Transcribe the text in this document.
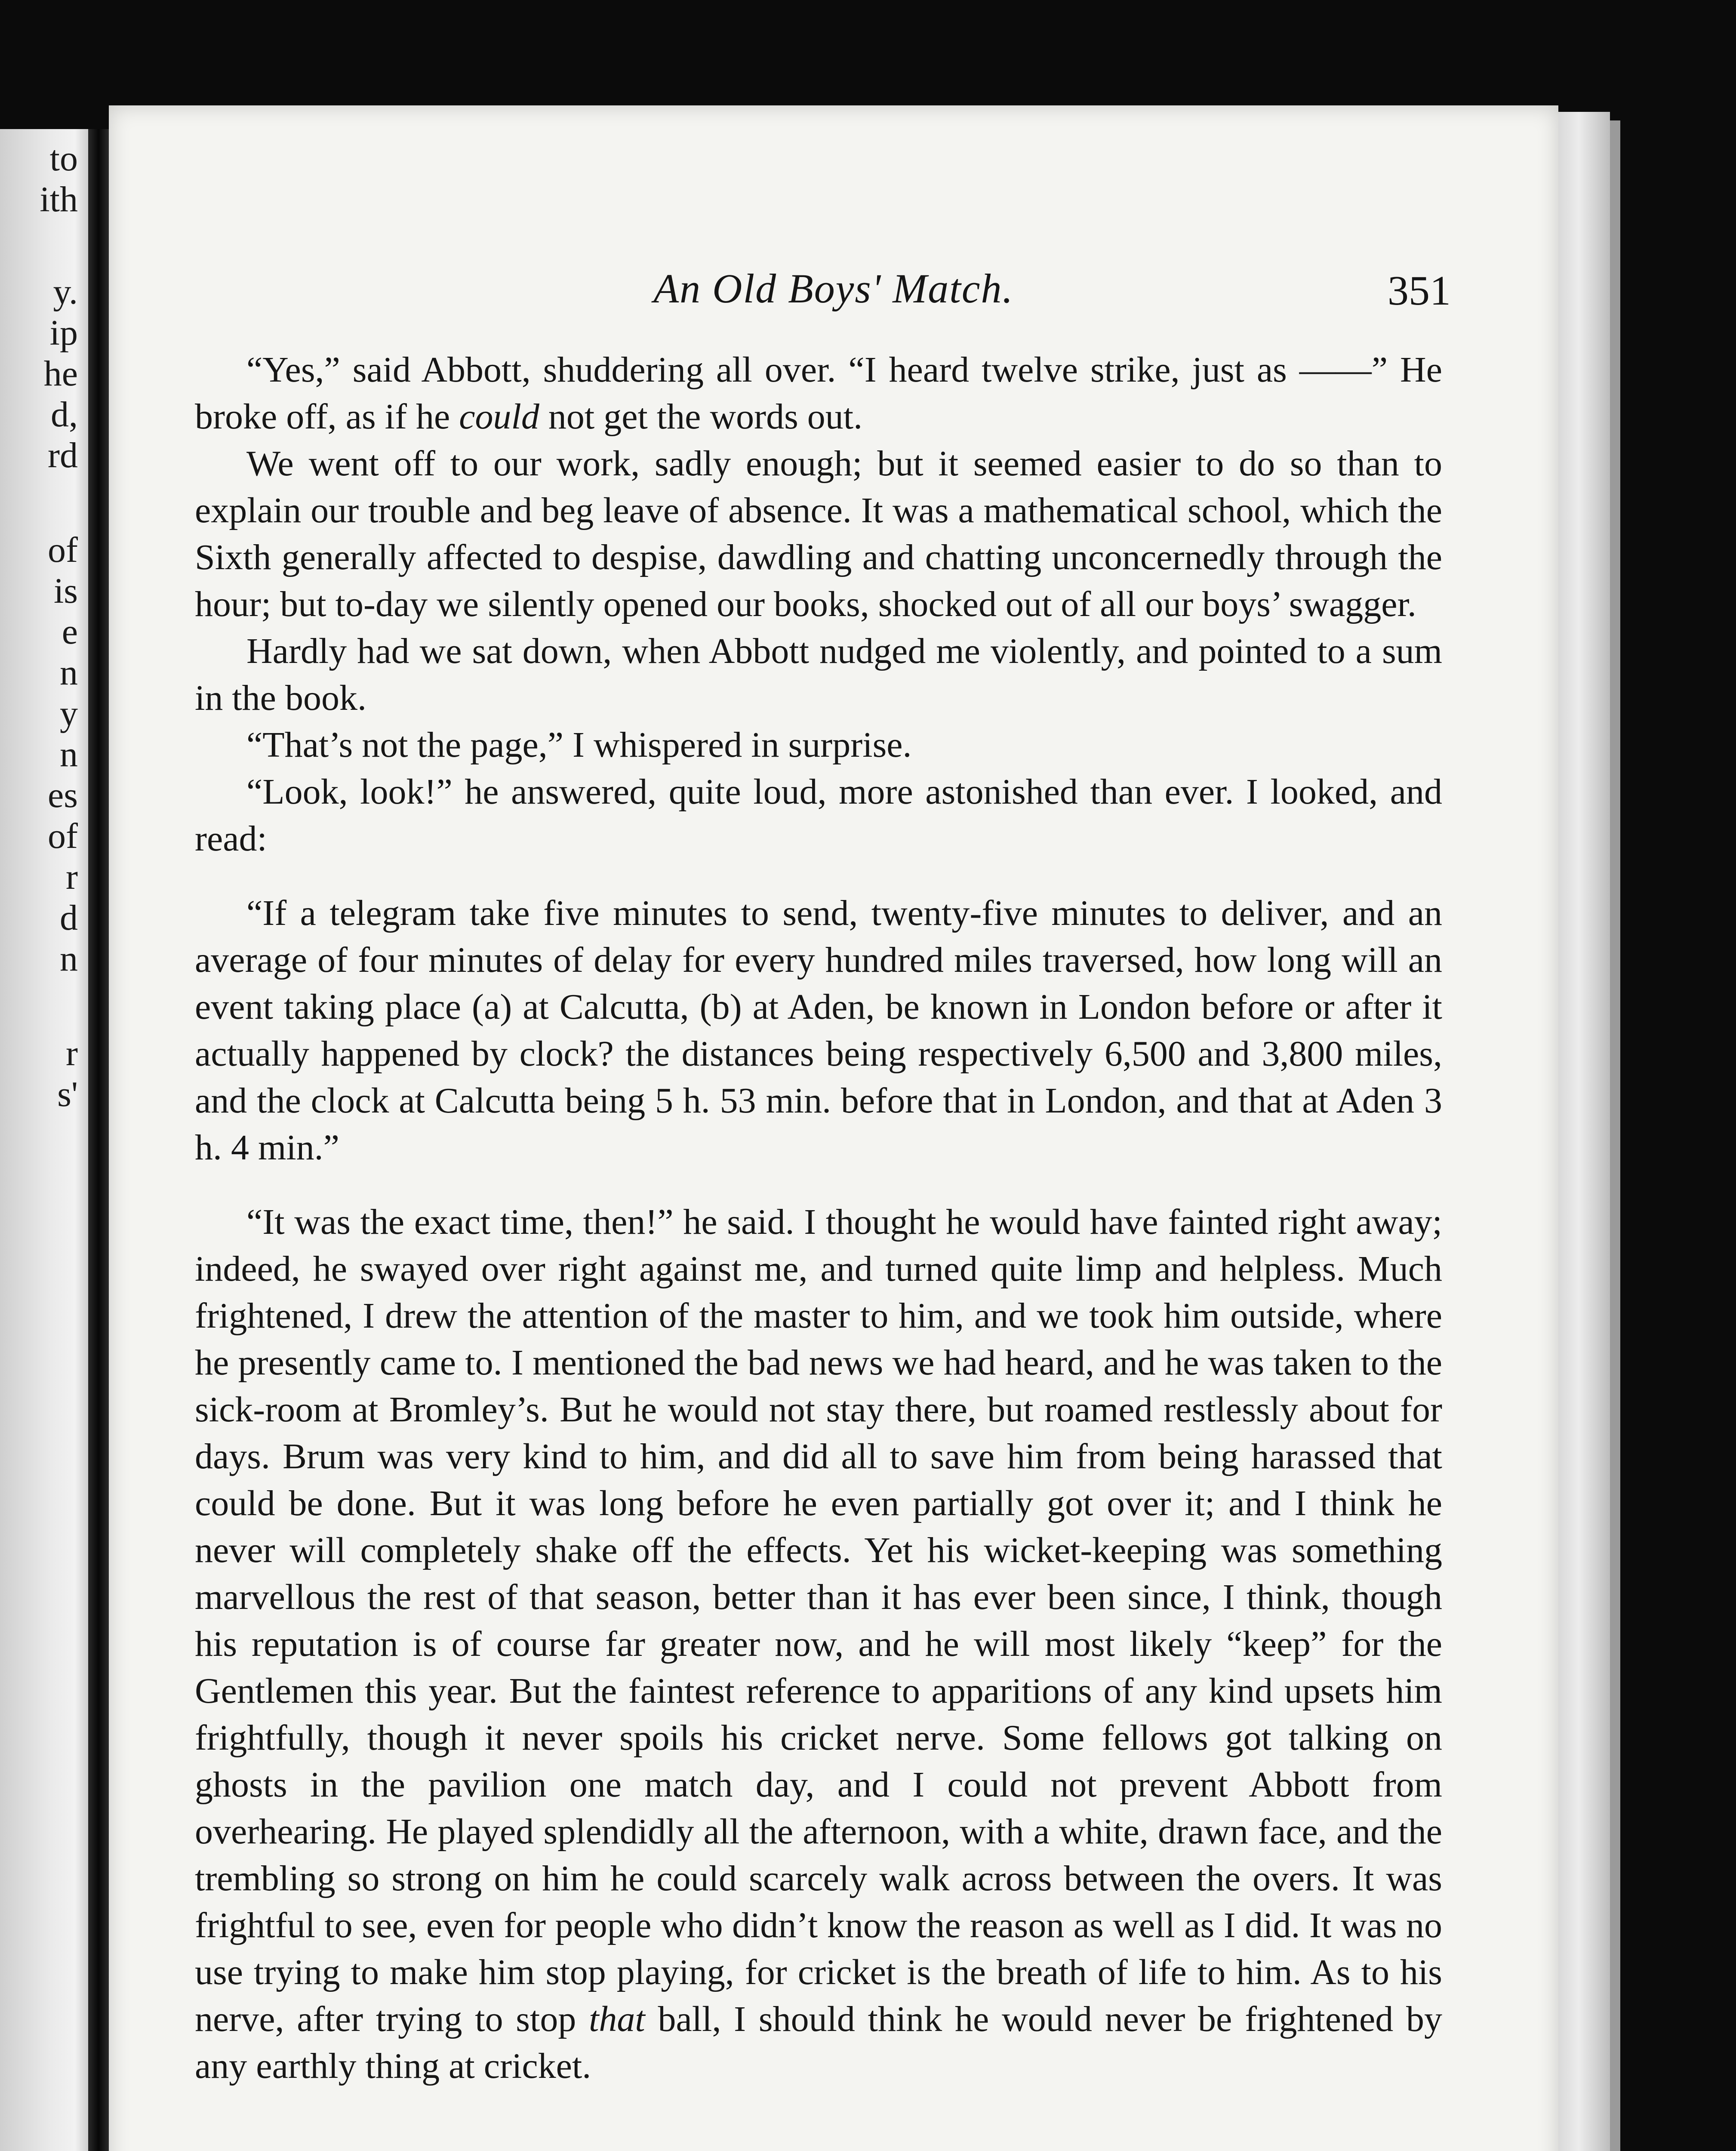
to
ith
y.
ip
he
d,
rd
of
is
e
n
y
n
es
of
r
d
n
r
s'
An Old Boys' Match.	351

“Yes,” said Abbott, shuddering all over. “I heard twelve strike, just as ——” He broke off, as if he could not get the words out.

We went off to our work, sadly enough; but it seemed easier to do so than to explain our trouble and beg leave of absence. It was a mathematical school, which the Sixth generally affected to despise, dawdling and chatting unconcernedly through the hour; but to-day we silently opened our books, shocked out of all our boys’ swagger.

Hardly had we sat down, when Abbott nudged me violently, and pointed to a sum in the book.

“That’s not the page,” I whispered in surprise.

“Look, look!” he answered, quite loud, more astonished than ever. I looked, and read:

“If a telegram take five minutes to send, twenty-five minutes to deliver, and an average of four minutes of delay for every hundred miles traversed, how long will an event taking place (a) at Calcutta, (b) at Aden, be known in London before or after it actually happened by clock? the distances being respectively 6,500 and 3,800 miles, and the clock at Calcutta being 5 h. 53 min. before that in London, and that at Aden 3 h. 4 min.”

“It was the exact time, then!” he said. I thought he would have fainted right away; indeed, he swayed over right against me, and turned quite limp and helpless. Much frightened, I drew the attention of the master to him, and we took him outside, where he presently came to. I mentioned the bad news we had heard, and he was taken to the sick-room at Bromley’s. But he would not stay there, but roamed restlessly about for days. Brum was very kind to him, and did all to save him from being harassed that could be done. But it was long before he even partially got over it; and I think he never will completely shake off the effects. Yet his wicket-keeping was something marvellous the rest of that season, better than it has ever been since, I think, though his reputation is of course far greater now, and he will most likely “keep” for the Gentlemen this year. But the faintest reference to apparitions of any kind upsets him frightfully, though it never spoils his cricket nerve. Some fellows got talking on ghosts in the pavilion one match day, and I could not prevent Abbott from overhearing. He played splendidly all the afternoon, with a white, drawn face, and the trembling so strong on him he could scarcely walk across between the overs. It was frightful to see, even for people who didn’t know the reason as well as I did. It was no use trying to make him stop playing, for cricket is the breath of life to him. As to his nerve, after trying to stop that ball, I should think he would never be frightened by any earthly thing at cricket.
